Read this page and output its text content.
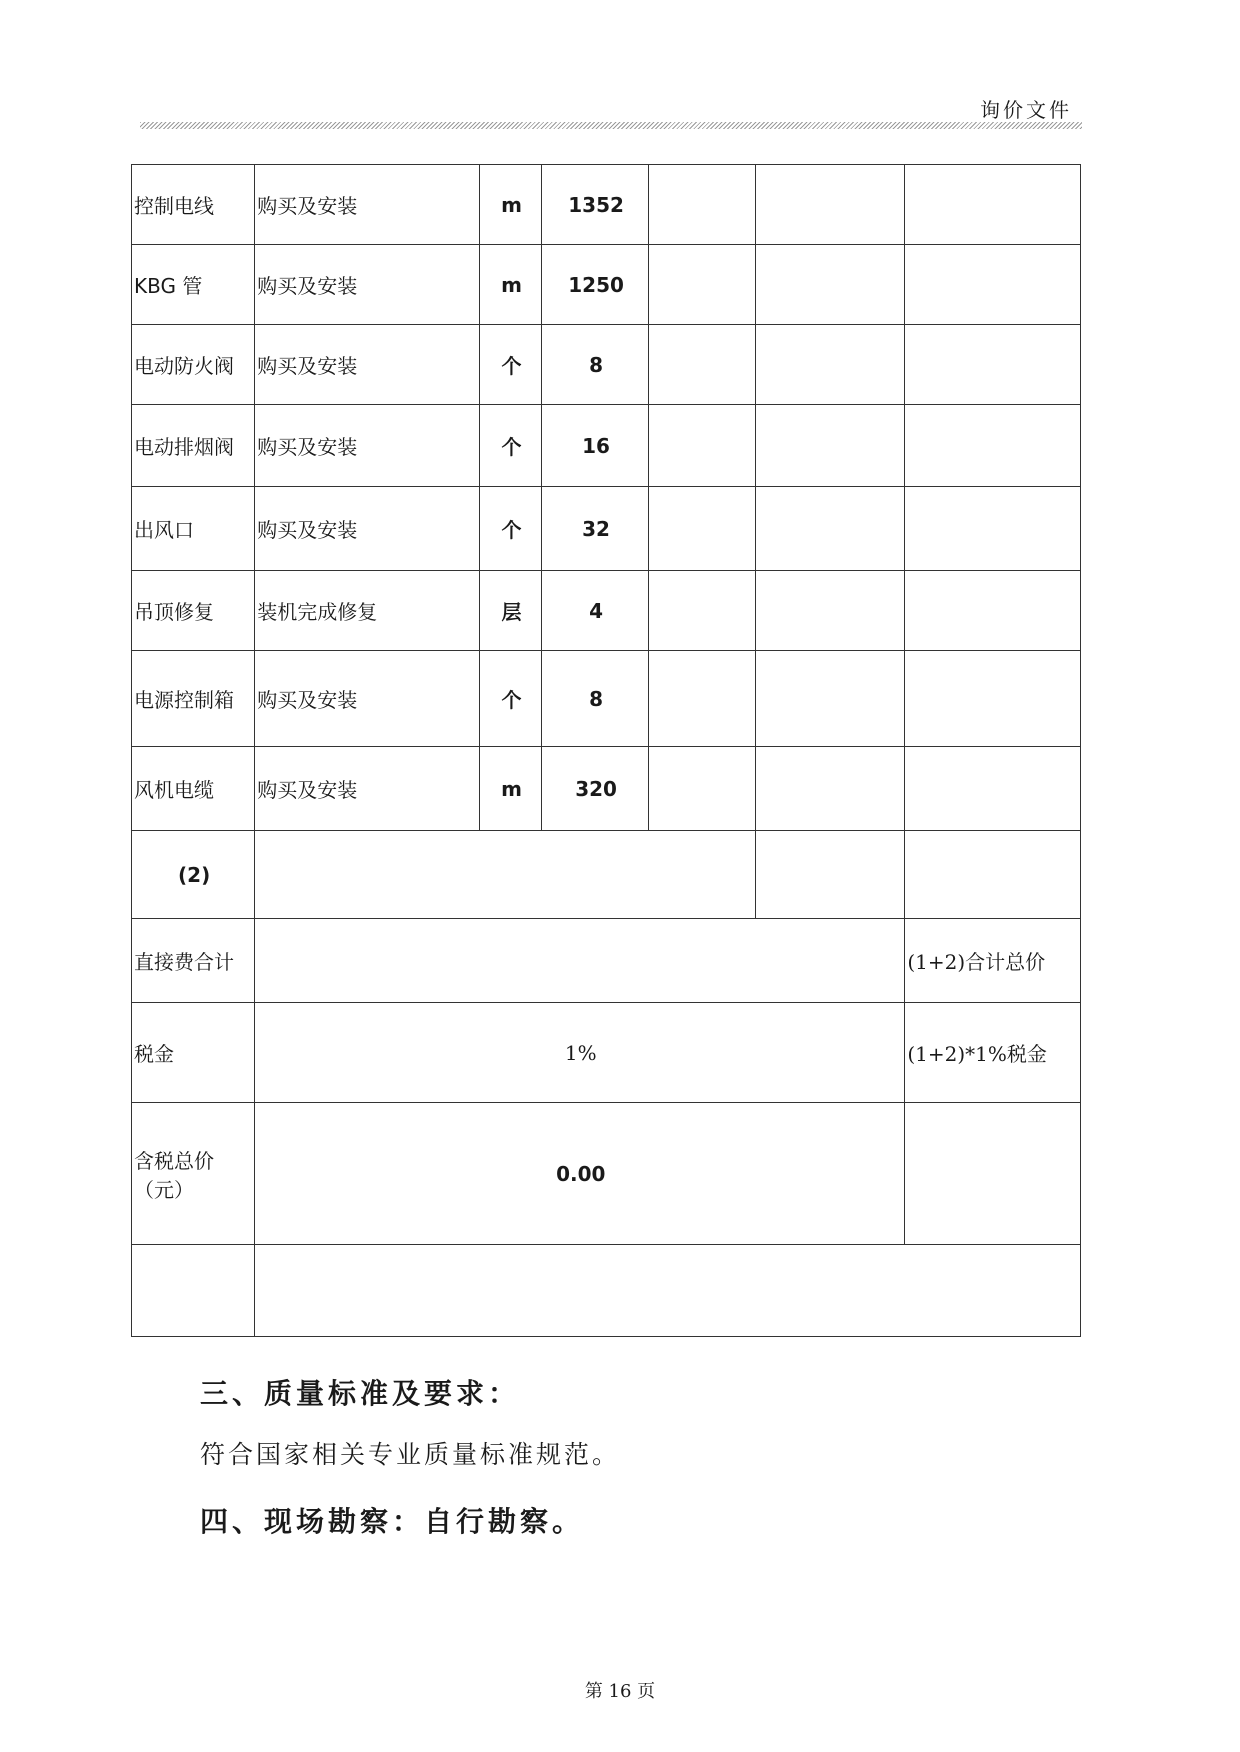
询价文件
控制电线	购买及安装	m	1352			
KBG 管	购买及安装	m	1250			
电动防火阀	购买及安装	个	8			
电动排烟阀	购买及安装	个	16			
出风口	购买及安装	个	32			
吊顶修复	装机完成修复	层	4			
电源控制箱	购买及安装	个	8			
风机电缆	购买及安装	m	320			
(2)						
直接费合计						(1+2)合计总价
税金	1%					(1+2)*1%税金
含税总价（元）	0.00					

三、质量标准及要求：
符合国家相关专业质量标准规范。
四、现场勘察：自行勘察。
第 16 页
